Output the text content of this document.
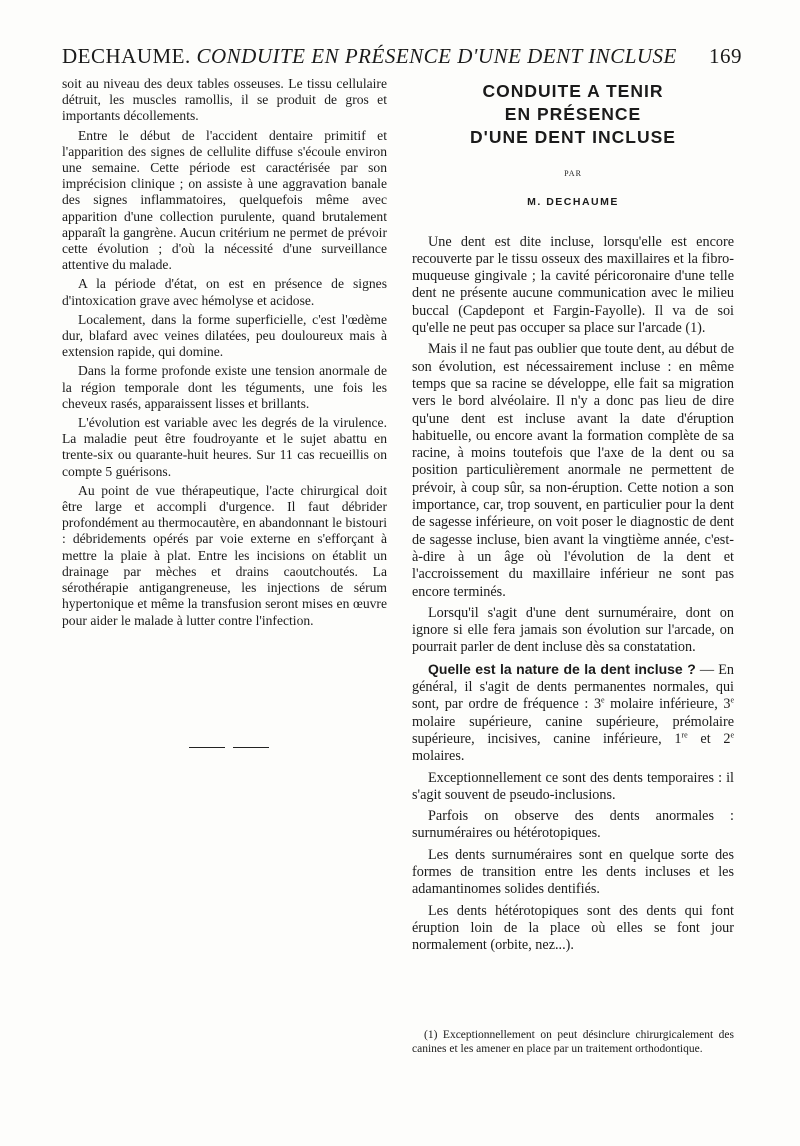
DECHAUME. CONDUITE EN PRÉSENCE D'UNE DENT INCLUSE 169

soit au niveau des deux tables osseuses. Le tissu cellulaire détruit, les muscles ramollis, il se produit de gros et importants décollements.

Entre le début de l'accident dentaire primitif et l'apparition des signes de cellulite diffuse s'écoule environ une semaine. Cette période est caractérisée par son imprécision clinique ; on assiste à une aggravation banale des signes inflammatoires, quelquefois même avec apparition d'une collection purulente, quand brutalement apparaît la gangrène. Aucun critérium ne permet de prévoir cette évolution ; d'où la nécessité d'une surveillance attentive du malade.

A la période d'état, on est en présence de signes d'intoxication grave avec hémolyse et acidose.

Localement, dans la forme superficielle, c'est l'œdème dur, blafard avec veines dilatées, peu douloureux mais à extension rapide, qui domine.

Dans la forme profonde existe une tension anormale de la région temporale dont les téguments, une fois les cheveux rasés, apparaissent lisses et brillants.

L'évolution est variable avec les degrés de la virulence. La maladie peut être foudroyante et le sujet abattu en trente-six ou quarante-huit heures. Sur 11 cas recueillis on compte 5 guérisons.

Au point de vue thérapeutique, l'acte chirurgical doit être large et accompli d'urgence. Il faut débrider profondément au thermocautère, en abandonnant le bistouri : débridements opérés par voie externe en s'efforçant à mettre la plaie à plat. Entre les incisions on établit un drainage par mèches et drains caoutchoutés. La sérothérapie antigangreneuse, les injections de sérum hypertonique et même la transfusion seront mises en œuvre pour aider le malade à lutter contre l'infection.

CONDUITE A TENIR
EN PRÉSENCE
D'UNE DENT INCLUSE
PAR
M. DECHAUME

Une dent est dite incluse, lorsqu'elle est encore recouverte par le tissu osseux des maxillaires et la fibro-muqueuse gingivale ; la cavité péricoronaire d'une telle dent ne présente aucune communication avec le milieu buccal (Capdepont et Fargin-Fayolle). Il va de soi qu'elle ne peut pas occuper sa place sur l'arcade (1).

Mais il ne faut pas oublier que toute dent, au début de son évolution, est nécessairement incluse : en même temps que sa racine se développe, elle fait sa migration vers le bord alvéolaire. Il n'y a donc pas lieu de dire qu'une dent est incluse avant la date d'éruption habituelle, ou encore avant la formation complète de sa racine, à moins toutefois que l'axe de la dent ou sa position particulièrement anormale ne permettent de prévoir, à coup sûr, sa non-éruption. Cette notion a son importance, car, trop souvent, en particulier pour la dent de sagesse inférieure, on voit poser le diagnostic de dent de sagesse incluse, bien avant la vingtième année, c'est-à-dire à un âge où l'évolution de la dent et l'accroissement du maxillaire inférieur ne sont pas encore terminés.

Lorsqu'il s'agit d'une dent surnuméraire, dont on ignore si elle fera jamais son évolution sur l'arcade, on pourrait parler de dent incluse dès sa constatation.

Quelle est la nature de la dent incluse ? — En général, il s'agit de dents permanentes normales, qui sont, par ordre de fréquence : 3e molaire inférieure, 3e molaire supérieure, canine supérieure, prémolaire supérieure, incisives, canine inférieure, 1re et 2e molaires.

Exceptionnellement ce sont des dents temporaires : il s'agit souvent de pseudo-inclusions.

Parfois on observe des dents anormales : surnuméraires ou hétérotopiques.

Les dents surnuméraires sont en quelque sorte des formes de transition entre les dents incluses et les adamantinomes solides dentifiés.

Les dents hétérotopiques sont des dents qui font éruption loin de la place où elles se font jour normalement (orbite, nez...).

(1) Exceptionnellement on peut désinclure chirurgicalement des canines et les amener en place par un traitement orthodontique.
